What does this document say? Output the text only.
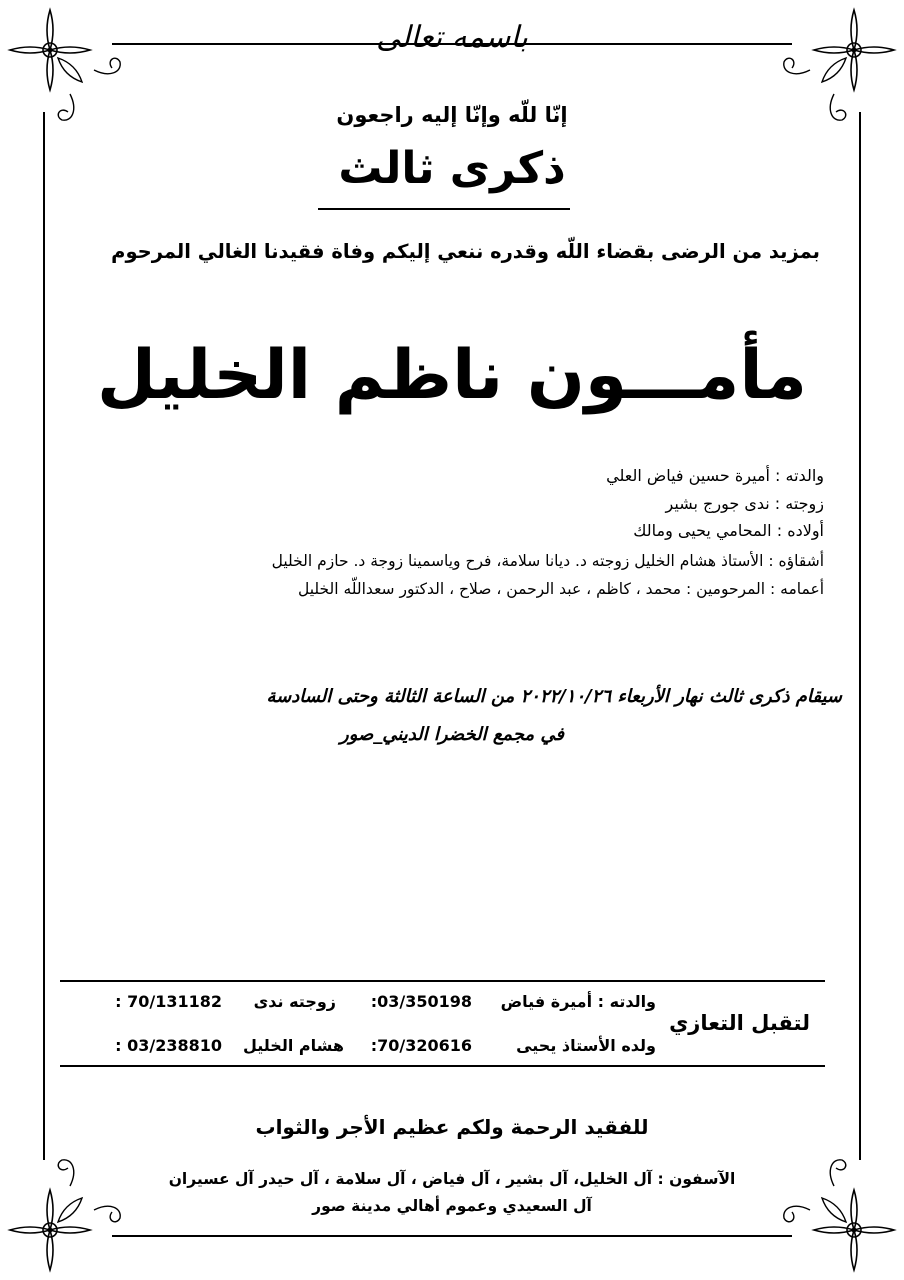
باسمه تعالى
إنّا للّه وإنّا إليه راجعون
ذكرى ثالث
بمزيد من الرضى بقضاء اللّه وقدره ننعي إليكم وفاة فقيدنا الغالي المرحوم
مأمـــون ناظم الخليل
والدته : أميرة حسين فياض العلي
زوجته : ندى جورج بشير
أولاده : المحامي يحيى ومالك
أشقاؤه : الأستاذ هشام الخليل زوجته د. ديانا سلامة، فرح وياسمينا زوجة د. حازم الخليل
أعمامه : المرحومين : محمد ، كاظم ، عبد الرحمن ، صلاح ، الدكتور سعداللّه الخليل
سيقام ذكرى ثالث نهار الأربعاء ٢٠٢٢/١٠/٢٦ من الساعة الثالثة وحتى السادسة
في مجمع الخضرا الديني_صور
لتقبل التعازي
والدته : أميرة فياض
:03/350198
زوجته ندى
: 70/131182
ولده الأستاذ يحيى
:70/320616
هشام الخليل
: 03/238810
للفقيد الرحمة ولكم عظيم الأجر والثواب
الآسفون : آل الخليل، آل بشير ، آل فياض ، آل سلامة ، آل حيدر آل عسيران
آل السعيدي وعموم أهالي مدينة صور
